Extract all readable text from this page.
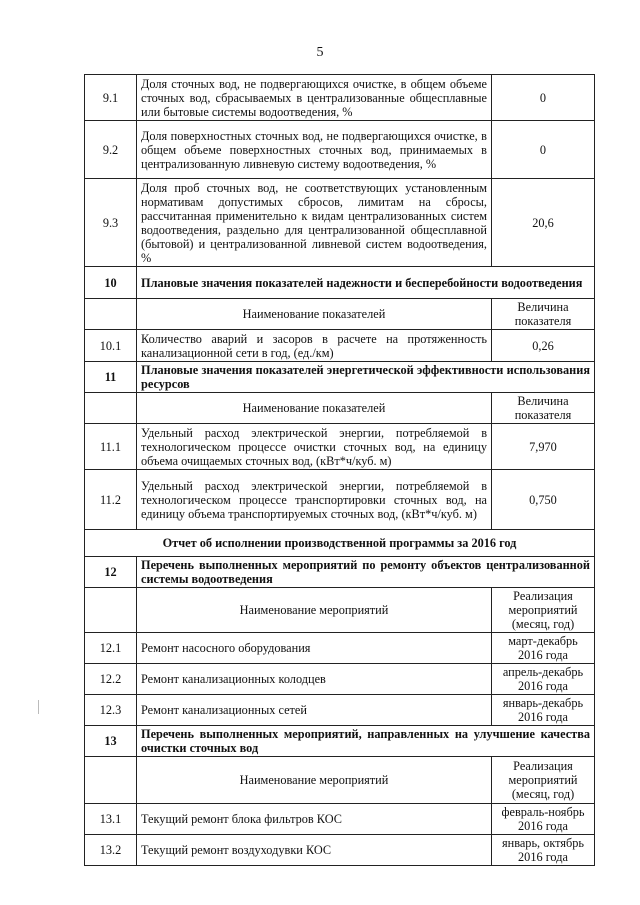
5
9.1	Доля сточных вод, не подвергающихся очистке, в общем объеме сточных вод, сбрасываемых в централизованные общесплавные или бытовые системы водоотведения, %	0
9.2	Доля поверхностных сточных вод, не подвергающихся очистке, в общем объеме поверхностных сточных вод, принимаемых в централизованную ливневую систему водоотведения, %	0
9.3	Доля проб сточных вод, не соответствующих установленным нормативам допустимых сбросов, лимитам на сбросы, рассчитанная применительно к видам централизованных систем водоотведения, раздельно для централизованной общесплавной (бытовой) и централизованной ливневой систем водоотведения, %	20,6
10	Плановые значения показателей надежности и бесперебойности водоотведения	
	Наименование показателей	Величина показателя
10.1	Количество аварий и засоров в расчете на протяженность канализационной сети в год, (ед./км)	0,26
11	Плановые значения показателей энергетической эффективности использования ресурсов	
	Наименование показателей	Величина показателя
11.1	Удельный расход электрической энергии, потребляемой в технологическом процессе очистки сточных вод, на единицу объема очищаемых сточных вод, (кВт*ч/куб. м)	7,970
11.2	Удельный расход электрической энергии, потребляемой в технологическом процессе транспортировки сточных вод, на единицу объема транспортируемых сточных вод, (кВт*ч/куб. м)	0,750
Отчет об исполнении производственной программы за 2016 год		
12	Перечень выполненных мероприятий по ремонту объектов централизованной системы водоотведения	
	Наименование мероприятий	Реализация мероприятий (месяц, год)
12.1	Ремонт насосного оборудования	март-декабрь 2016 года
12.2	Ремонт канализационных колодцев	апрель-декабрь 2016 года
12.3	Ремонт канализационных сетей	январь-декабрь 2016 года
13	Перечень выполненных мероприятий, направленных на улучшение качества очистки сточных вод	
	Наименование мероприятий	Реализация мероприятий (месяц, год)
13.1	Текущий ремонт блока фильтров КОС	февраль-ноябрь 2016 года
13.2	Текущий ремонт воздуходувки КОС	январь, октябрь 2016 года
